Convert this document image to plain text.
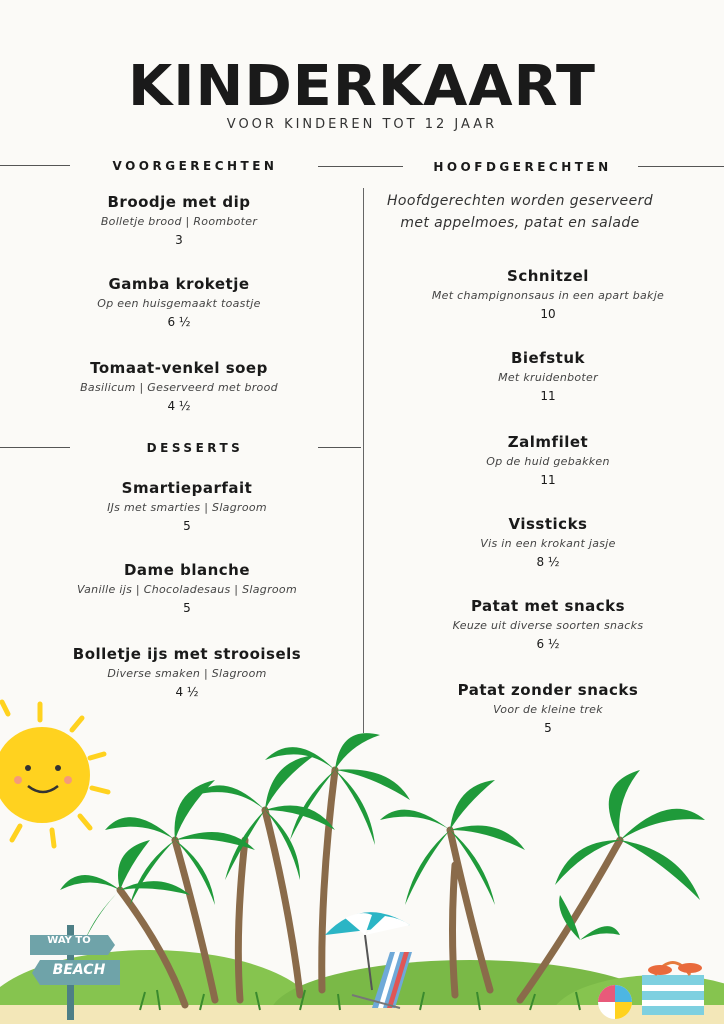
KINDERKAART
VOOR KINDEREN TOT 12 JAAR
VOORGERECHTEN	HOOFDGERECHTEN
DESSERTS
Broodje met dip
Bolletje brood | Roomboter
3
Gamba kroketje
Op een huisgemaakt toastje
6 ½
Tomaat-venkel soep
Basilicum | Geserveerd met brood
4 ½
Smartieparfait
IJs met smarties | Slagroom
5
Dame blanche
Vanille ijs | Chocoladesaus | Slagroom
5
Bolletje ijs met strooisels
Diverse smaken | Slagroom
4 ½
Hoofdgerechten worden geserveerd
met appelmoes, patat en salade
Schnitzel
Met champignonsaus in een apart bakje
10
Biefstuk
Met kruidenboter
11
Zalmfilet
Op de huid gebakken
11
Vissticks
Vis in een krokant jasje
8 ½
Patat met snacks
Keuze uit diverse soorten snacks
6 ½
Patat zonder snacks
Voor de kleine trek
5
WAY TO
BEACH
